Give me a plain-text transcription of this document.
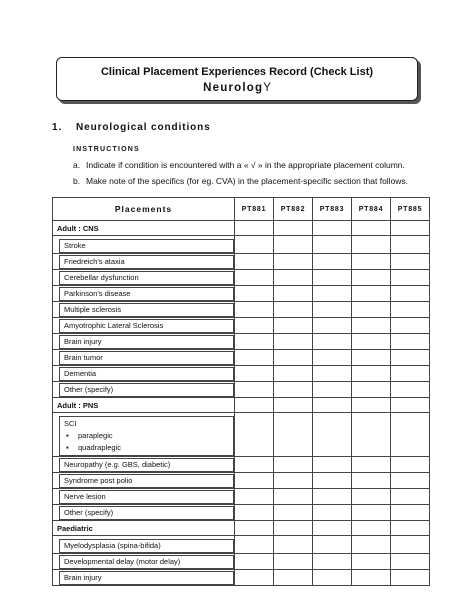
Clinical Placement Experiences Record (Check List)
NeurologY
1. Neurological conditions
INSTRUCTIONS
a. Indicate if condition is encountered with a « √ » in the appropriate placement column.
b. Make note of the specifics (for eg. CVA) in the placement-specific section that follows.
Placements	PT881	PT882	PT883	PT884	PT885
Adult : CNS					

Stroke					

Friedreich's ataxia					

Cerebellar dysfunction					

Parkinson's disease					

Multiple sclerosis					

Amyotrophic Lateral Sclerosis					

Brain injury					

Brain tumor					

Dementia					

Other (specify)					

Adult : PNS					

SCI
▪ paraplegic
▪ quadraplegic					

Neuropathy (e.g. GBS, diabetic)					

Syndrome post polio					

Nerve lesion					

Other (specify)					

Paediatric					

Myelodysplasia (spina-bifida)					

Developmental delay (motor delay)					

Brain injury					
